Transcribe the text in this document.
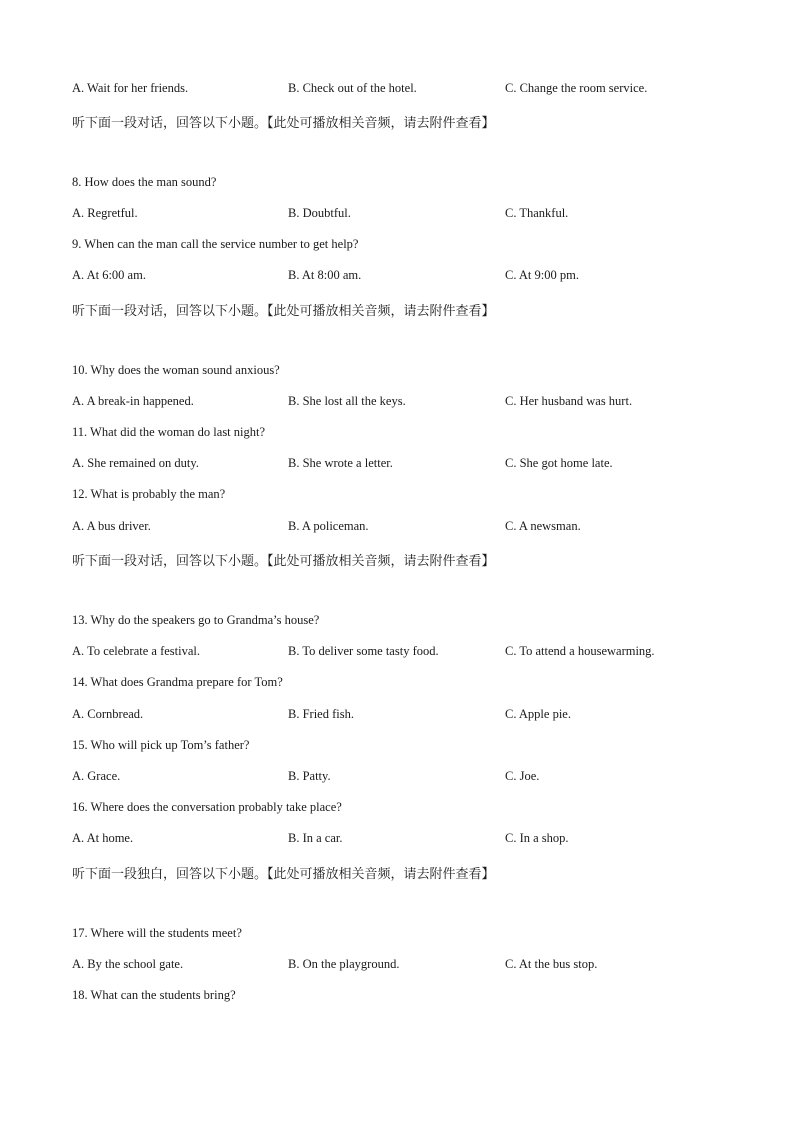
A. Wait for her friends.	B. Check out of the hotel.	C. Change the room service.
听下面一段对话，回答以下小题。【此处可播放相关音频，请去附件查看】
8. How does the man sound?
A. Regretful.	B. Doubtful.	C. Thankful.
9. When can the man call the service number to get help?
A. At 6:00 am.	B. At 8:00 am.	C. At 9:00 pm.
听下面一段对话，回答以下小题。【此处可播放相关音频，请去附件查看】
10. Why does the woman sound anxious?
A. A break-in happened.	B. She lost all the keys.	C. Her husband was hurt.
11. What did the woman do last night?
A. She remained on duty.	B. She wrote a letter.	C. She got home late.
12. What is probably the man?
A. A bus driver.	B. A policeman.	C. A newsman.
听下面一段对话，回答以下小题。【此处可播放相关音频，请去附件查看】
13. Why do the speakers go to Grandma’s house?
A. To celebrate a festival.	B. To deliver some tasty food.	C. To attend a housewarming.
14. What does Grandma prepare for Tom?
A. Cornbread.	B. Fried fish.	C. Apple pie.
15. Who will pick up Tom’s father?
A. Grace.	B. Patty.	C. Joe.
16. Where does the conversation probably take place?
A. At home.	B. In a car.	C. In a shop.
听下面一段独白，回答以下小题。【此处可播放相关音频，请去附件查看】
17. Where will the students meet?
A. By the school gate.	B. On the playground.	C. At the bus stop.
18. What can the students bring?
